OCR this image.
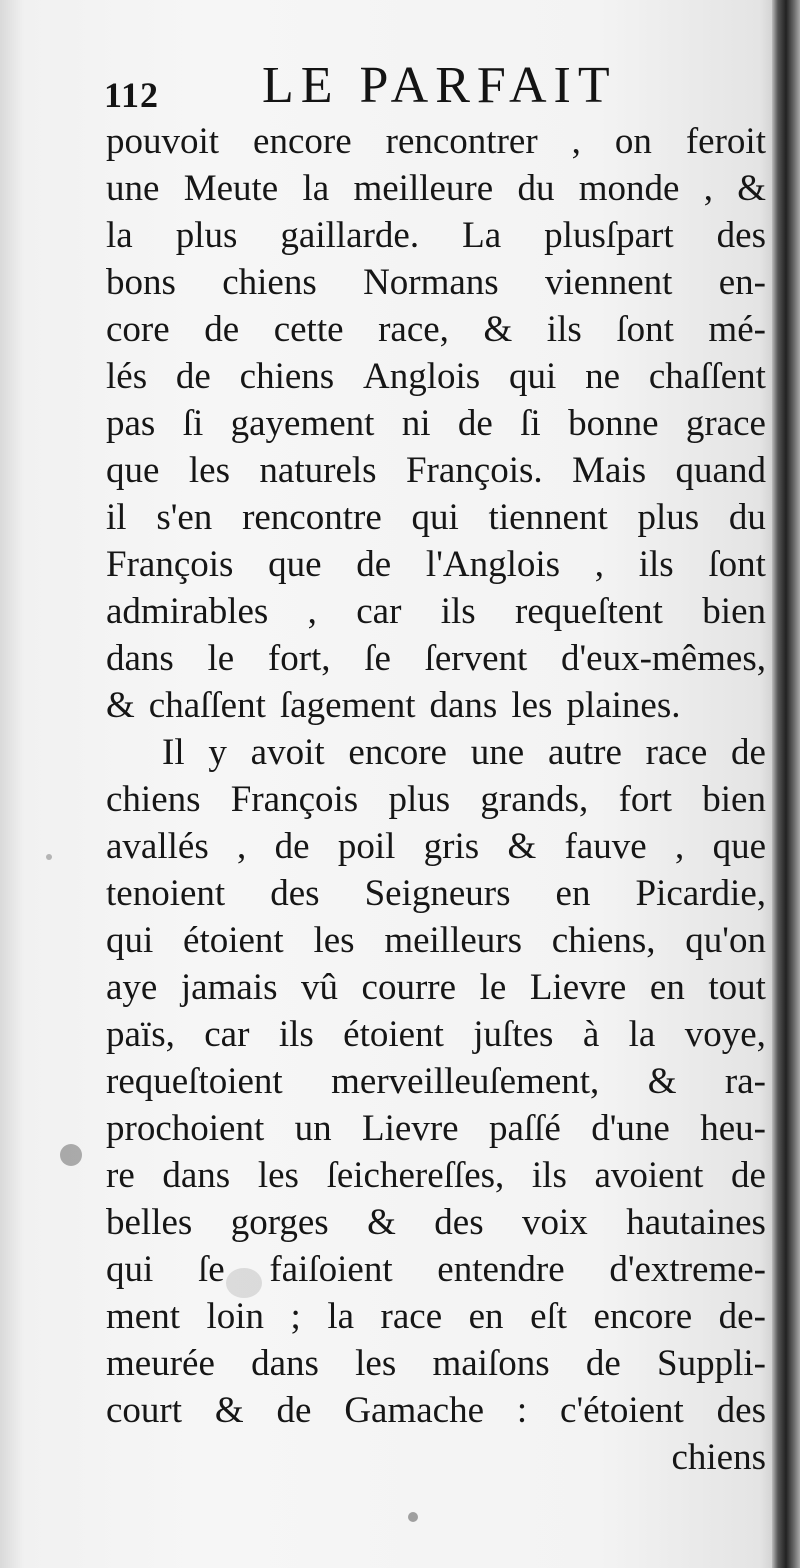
112 LE PARFAIT
pouvoit encore rencontrer , on feroit
une Meute la meilleure du monde , &
la plus gaillarde. La plusſpart des
bons chiens Normans viennent en-
core de cette race, & ils ſont mé-
lés de chiens Anglois qui ne chaſſent
pas ſi gayement ni de ſi bonne grace
que les naturels François. Mais quand
il s'en rencontre qui tiennent plus du
François que de l'Anglois , ils ſont
admirables , car ils requeſtent bien
dans le fort, ſe ſervent d'eux-mêmes,
& chaſſent ſagement dans les plaines.
Il y avoit encore une autre race de
chiens François plus grands, fort bien
avallés , de poil gris & fauve , que
tenoient des Seigneurs en Picardie,
qui étoient les meilleurs chiens, qu'on
aye jamais vû courre le Lievre en tout
païs, car ils étoient juſtes à la voye,
requeſtoient merveilleuſement, & ra-
prochoient un Lievre paſſé d'une heu-
re dans les ſeichereſſes, ils avoient de
belles gorges & des voix hautaines
qui ſe faiſoient entendre d'extreme-
ment loin ; la race en eſt encore de-
meurée dans les maiſons de Suppli-
court & de Gamache : c'étoient des
chiens
